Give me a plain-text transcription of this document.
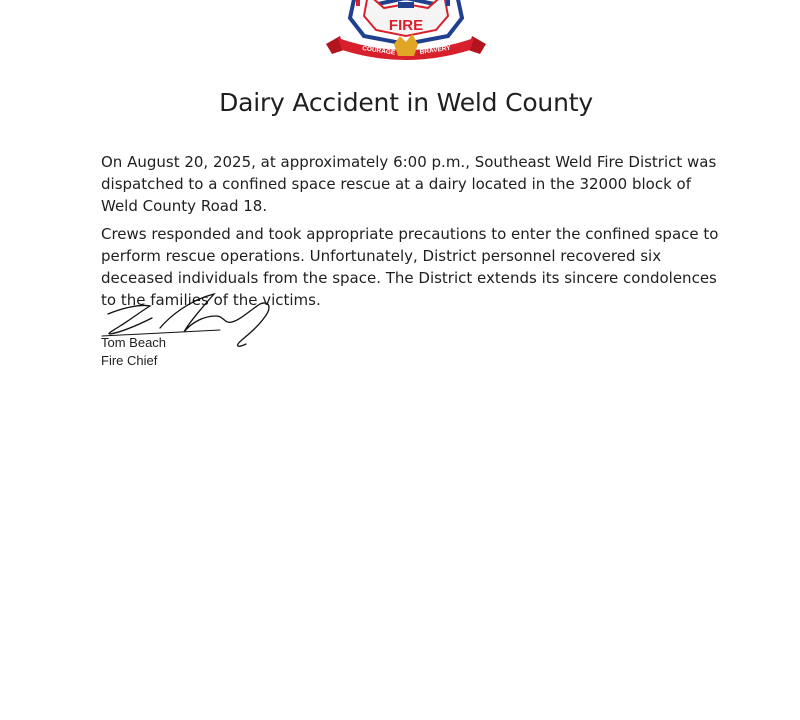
FIRE
COURAGE	BRAVERY
Dairy Accident in Weld County

On August 20, 2025, at approximately 6:00 p.m., Southeast Weld Fire District was dispatched to a confined space rescue at a dairy located in the 32000 block of Weld County Road 18.

Crews responded and took appropriate precautions to enter the confined space to perform rescue operations. Unfortunately, District personnel recovered six deceased individuals from the space. The District extends its sincere condolences to the families of the victims.

Tom Beach

Fire Chief
